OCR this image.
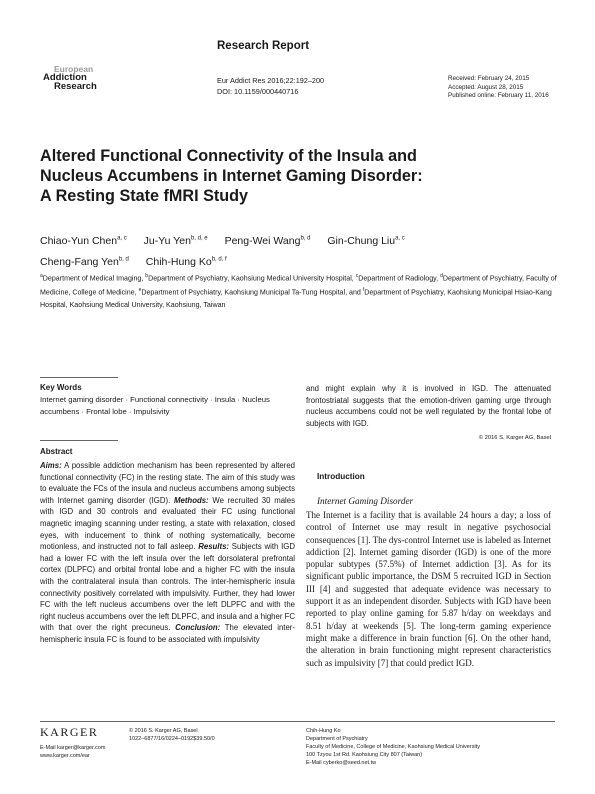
Research Report
European
Addiction
Research
Eur Addict Res 2016;22:192–200
DOI: 10.1159/000440716
Received: February 24, 2015
Accepted: August 28, 2015
Published online: February 11, 2016
Altered Functional Connectivity of the Insula and
Nucleus Accumbens in Internet Gaming Disorder:
A Resting State fMRI Study
Chiao-Yun Chen$^{a, c}$ Ju-Yu Yen$^{b, d, e}$ Peng-Wei Wang$^{b, d}$ Gin-Chung Liu$^{a, c}$
Cheng-Fang Yen$^{b, d}$ Chih-Hung Ko$^{b, d, f}$
$^a$Department of Medical Imaging, $^b$Department of Psychiatry, Kaohsiung Medical University Hospital, $^c$Department of Radiology, $^d$Department of Psychiatry, Faculty of Medicine, College of Medicine, $^e$Department of Psychiatry, Kaohsiung Municipal Ta-Tung Hospital, and $^f$Department of Psychiatry, Kaohsiung Municipal Hsiao-Kang Hospital, Kaohsiung Medical University, Kaohsiung, Taiwan
Key Words
Internet gaming disorder · Functional connectivity · Insula · Nucleus accumbens · Frontal lobe · Impulsivity
Abstract
Aims: A possible addiction mechanism has been represented by altered functional connectivity (FC) in the resting state. The aim of this study was to evaluate the FCs of the insula and nucleus accumbens among subjects with Internet gaming disorder (IGD). Methods: We recruited 30 males with IGD and 30 controls and evaluated their FC using functional magnetic imaging scanning under resting, a state with relaxation, closed eyes, with inducement to think of nothing systematically, become motionless, and instructed not to fall asleep. Results: Subjects with IGD had a lower FC with the left insula over the left dorsolateral prefrontal cortex (DLPFC) and orbital frontal lobe and a higher FC with the insula with the contralateral insula than controls. The inter-hemispheric insula connectivity positively correlated with impulsivity. Further, they had lower FC with the left nucleus accumbens over the left DLPFC and with the right nucleus accumbens over the left DLPFC, and insula and a higher FC with that over the right precuneus. Conclusion: The elevated inter-hemispheric insula FC is found to be associated with impulsivity
and might explain why it is involved in IGD. The attenuated frontostriatal suggests that the emotion-driven gaming urge through nucleus accumbens could not be well regulated by the frontal lobe of subjects with IGD.
© 2016 S. Karger AG, Basel
Introduction
Internet Gaming Disorder
The Internet is a facility that is available 24 hours a day; a loss of control of Internet use may result in negative psychosocial consequences [1]. The dys-control Internet use is labeled as Internet addiction [2]. Internet gaming disorder (IGD) is one of the more popular subtypes (57.5%) of Internet addiction [3]. As for its significant public importance, the DSM 5 recruited IGD in Section III [4] and suggested that adequate evidence was necessary to support it as an independent disorder. Subjects with IGD have been reported to play online gaming for 5.87 h/day on weekdays and 8.51 h/day at weekends [5]. The long-term gaming experience might make a difference in brain function [6]. On the other hand, the alteration in brain functioning might represent characteristics such as impulsivity [7] that could predict IGD.
KARGER
E-Mail karger@karger.com
www.karger.com/ear
© 2016 S. Karger AG, Basel
1022–6877/16/0224–0192$39.50/0
Chih-Hung Ko
Department of Psychiatry
Faculty of Medicine, College of Medicine, Kaohsiung Medical University
100 Tzyou 1st Rd. Kaohsiung City 807 (Taiwan)
E-Mail cyberko@seed.net.tw
